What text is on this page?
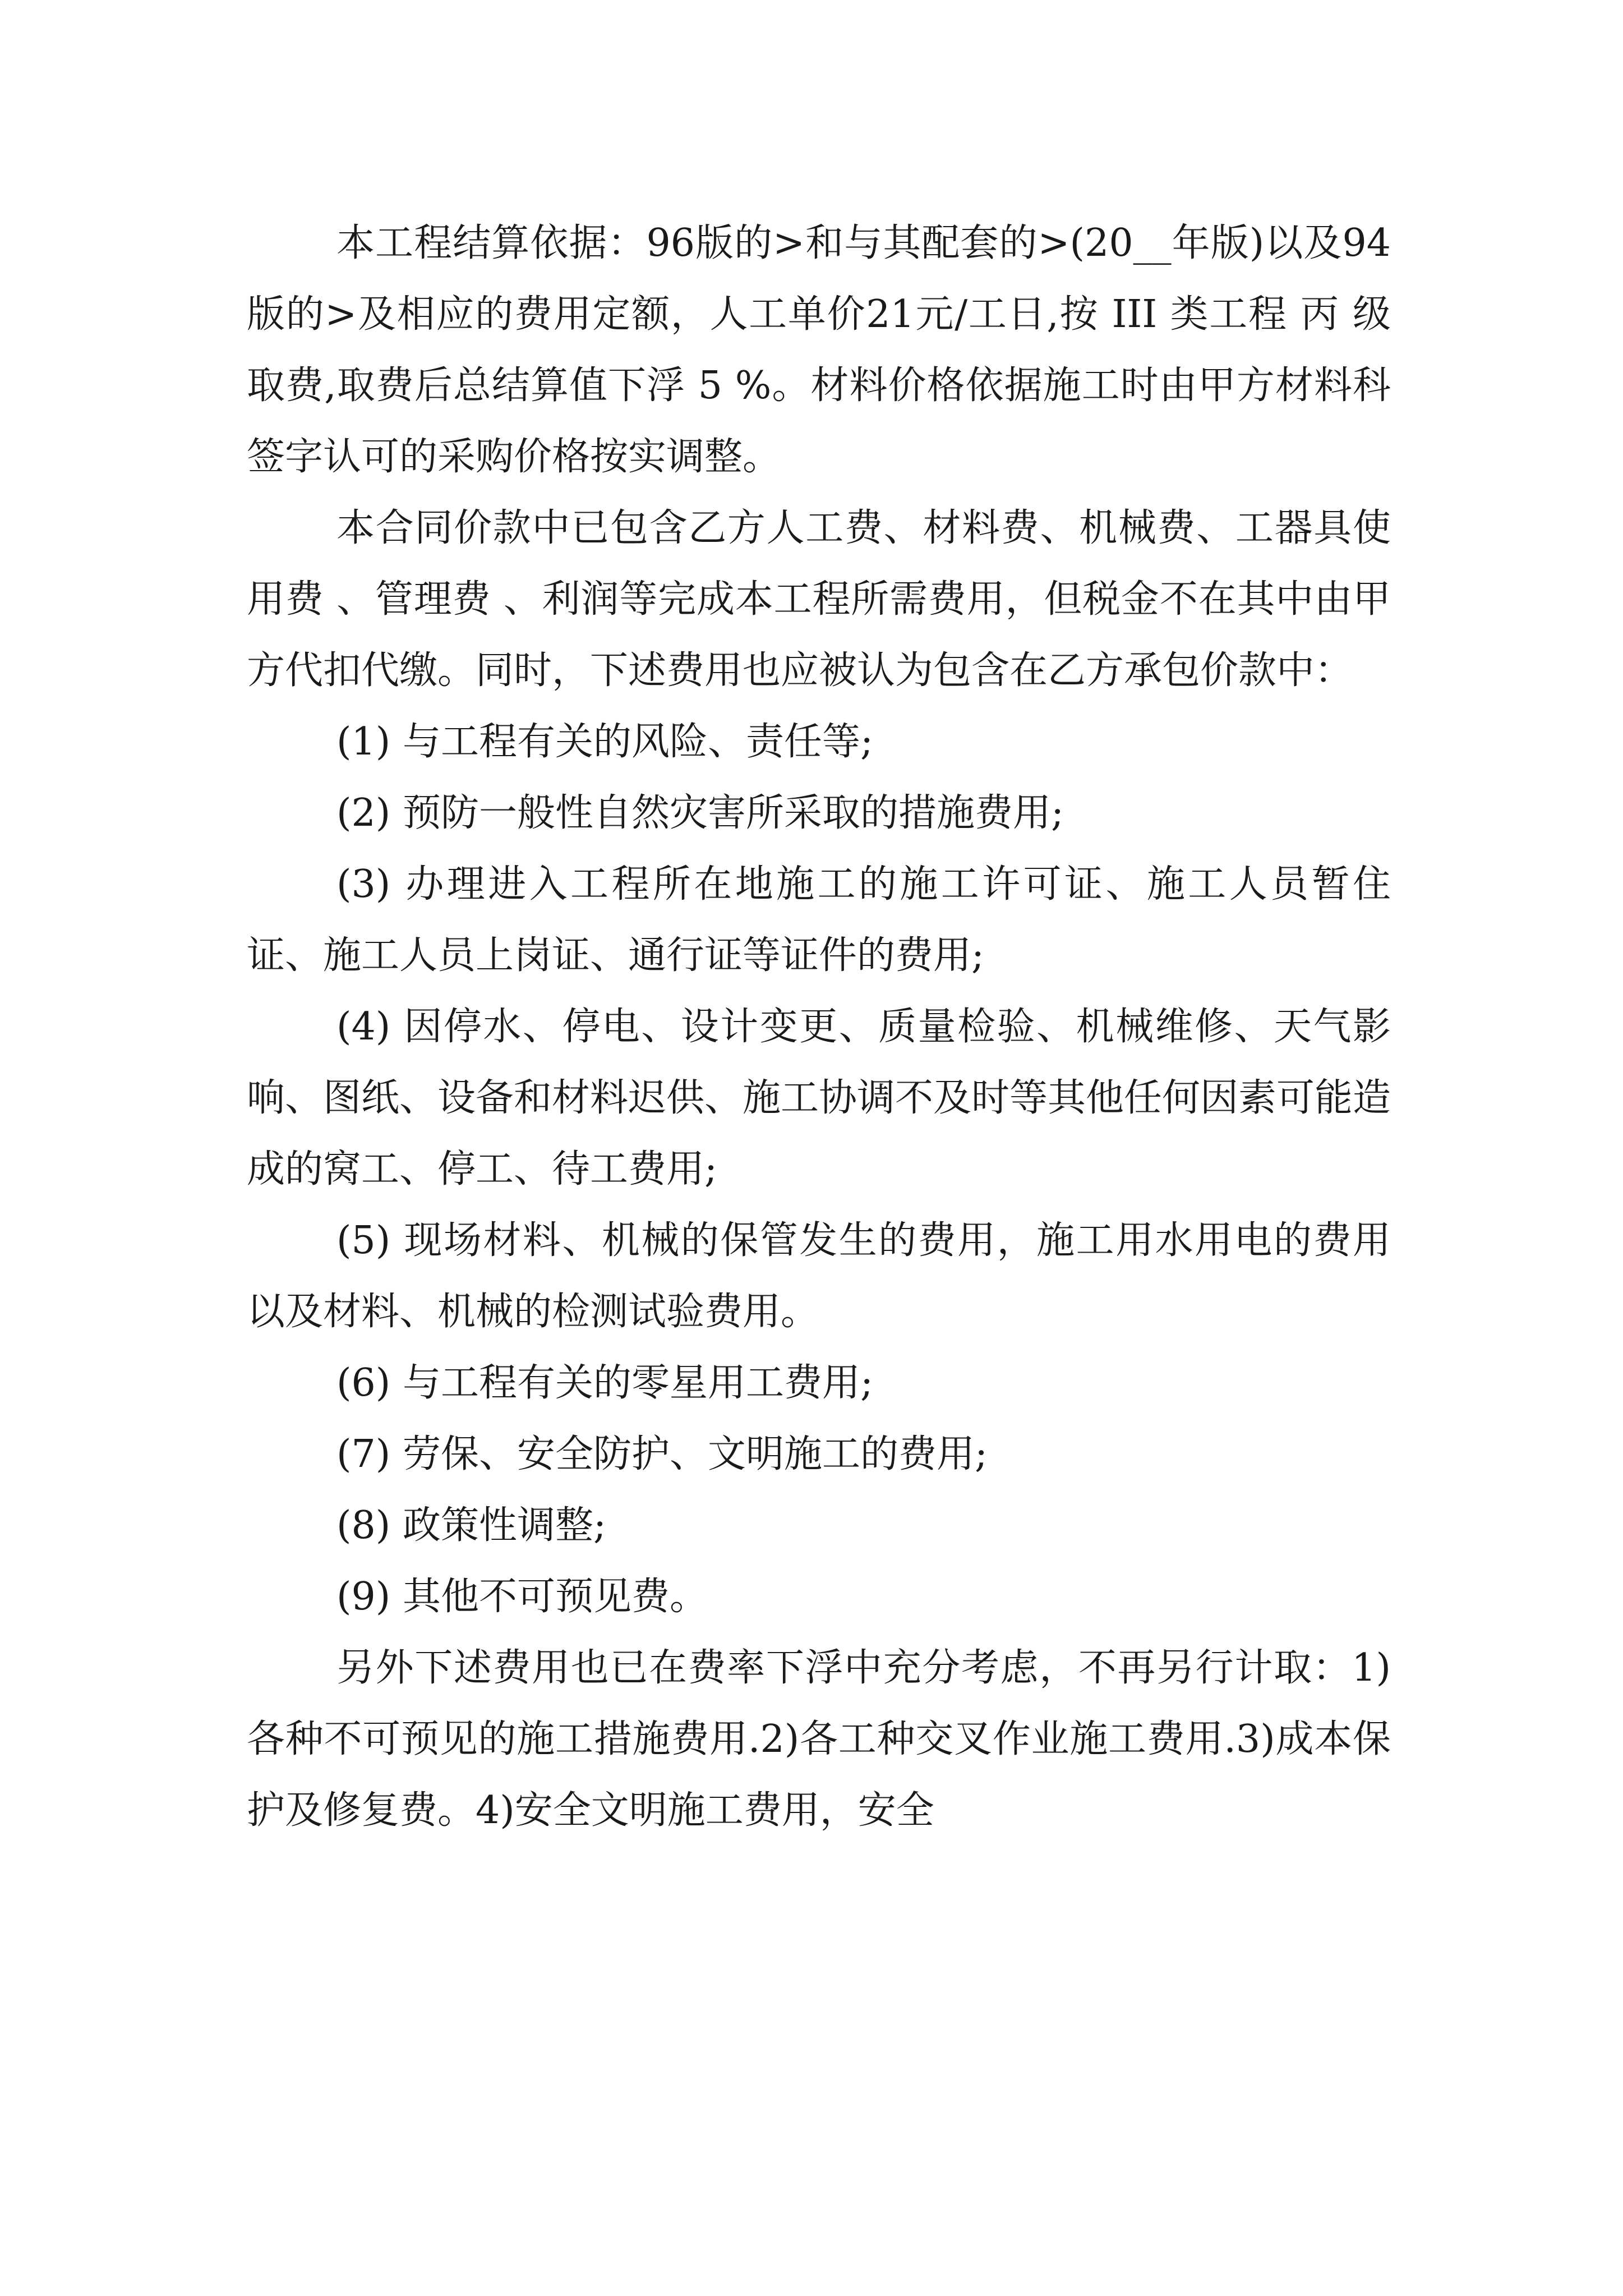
本工程结算依据：96版的>和与其配套的>(20__年版)以及94版的>及相应的费用定额，人工单价21元/工日,按 III 类工程 丙 级取费,取费后总结算值下浮 5 %。材料价格依据施工时由甲方材料科签字认可的采购价格按实调整。

本合同价款中已包含乙方人工费、材料费、机械费、工器具使用费 、管理费 、利润等完成本工程所需费用，但税金不在其中由甲方代扣代缴。同时，下述费用也应被认为包含在乙方承包价款中：

(1) 与工程有关的风险、责任等;

(2) 预防一般性自然灾害所采取的措施费用;

(3) 办理进入工程所在地施工的施工许可证、施工人员暂住证、施工人员上岗证、通行证等证件的费用;

(4) 因停水、停电、设计变更、质量检验、机械维修、天气影响、图纸、设备和材料迟供、施工协调不及时等其他任何因素可能造成的窝工、停工、待工费用;

(5) 现场材料、机械的保管发生的费用，施工用水用电的费用以及材料、机械的检测试验费用。

(6) 与工程有关的零星用工费用;

(7) 劳保、安全防护、文明施工的费用;

(8) 政策性调整;

(9) 其他不可预见费。

另外下述费用也已在费率下浮中充分考虑，不再另行计取：1)各种不可预见的施工措施费用.2)各工种交叉作业施工费用.3)成本保护及修复费。4)安全文明施工费用，安全
